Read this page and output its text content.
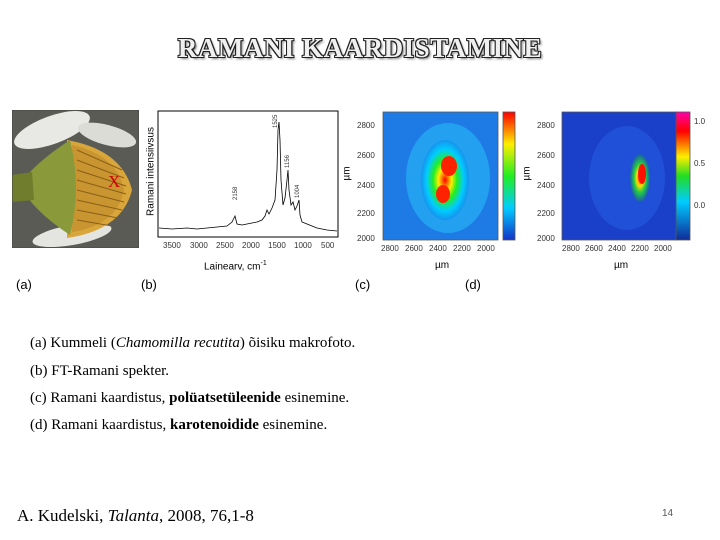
RAMANI KAARDISTAMINE
X	Ramani intensiivsus
1525
1156
1004
2158
3500 3000 2500 2000 1500 1000 500
Lainearv, $cm^{-1}$
µm
2800
2600
2400
2200
2000
2800 2600 2400 2200 2000
µm
µm
2800
2600
2400
2200
2000
2800 2600 2400 2200 2000
1.0
0.5
0.0
µm
(a)	(b)	(c)	(d)
(a) Kummeli (Chamomilla recutita) õisiku makrofoto.
(b) FT-Ramani spekter.
(c) Ramani kaardistus, polüatsetüleenide esinemine.
(d) Ramani kaardistus, karotenoidide esinemine.
A. Kudelski, Talanta, 2008, 76,1-8	14
